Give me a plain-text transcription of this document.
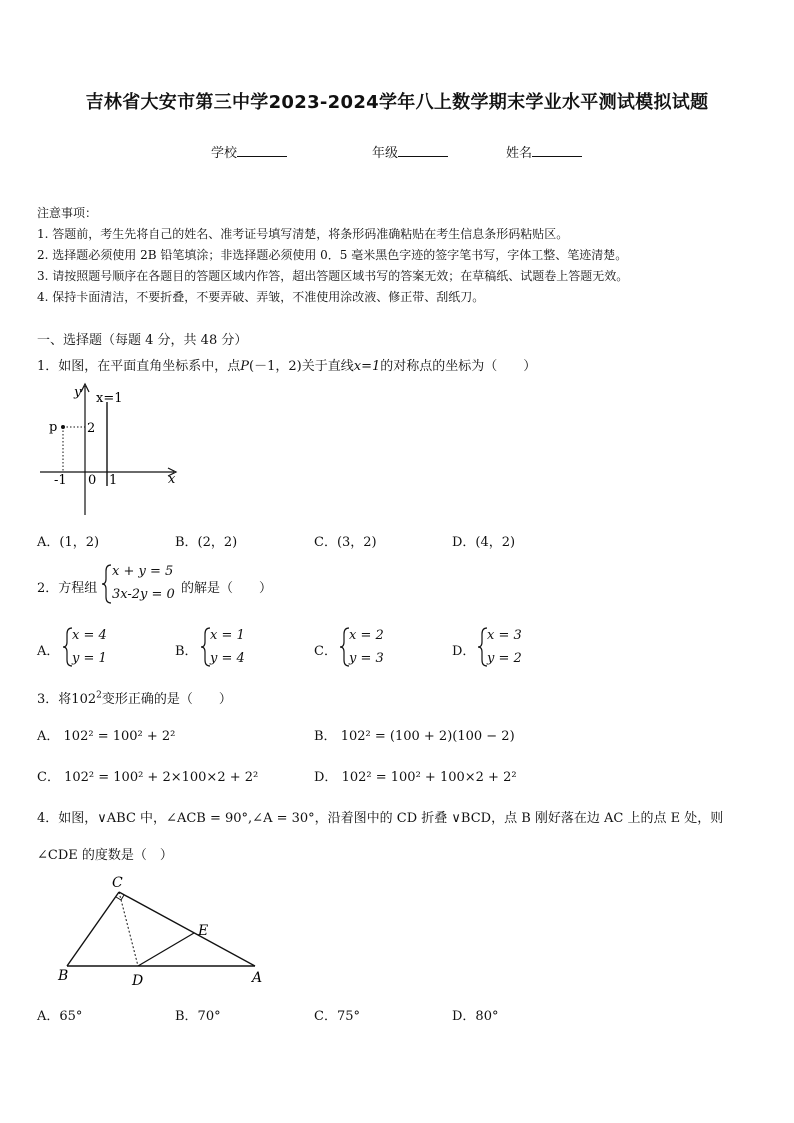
吉林省大安市第三中学2023-2024学年八上数学期末学业水平测试模拟试题
学校	年级	姓名
注意事项：
1. 答题前，考生先将自己的姓名、准考证号填写清楚，将条形码准确粘贴在考生信息条形码粘贴区。
2. 选择题必须使用 2B 铅笔填涂；非选择题必须使用 0．5 毫米黑色字迹的签字笔书写，字体工整、笔迹清楚。
3. 请按照题号顺序在各题目的答题区域内作答，超出答题区域书写的答案无效；在草稿纸、试题卷上答题无效。
4. 保持卡面清洁，不要折叠，不要弄破、弄皱，不准使用涂改液、修正带、刮纸刀。
一、选择题（每题 4 分，共 48 分）
1．如图，在平面直角坐标系中，点P(－1，2)关于直线x=1的对称点的坐标为（　　）
y
x
x=1
p 2
-1 0 1
A．(1，2)	B．(2，2)	C．(3，2)	D．(4，2)
2．方程组
x + y = 5
3x-2y = 0 的解是（　　）
A．
x = 4
y = 1	B．
x = 1
y = 4	C．
x = 2
y = 3	D．
x = 3
y = 2
3．将$102^2$变形正确的是（　　）
A． 102² = 100² + 2²	B． 102² = (100 + 2)(100 − 2)
C． 102² = 100² + 2×100×2 + 2²	D． 102² = 100² + 100×2 + 2²
4．如图，∨ABC 中，∠ACB = 90°,∠A = 30°，沿着图中的 CD 折叠 ∨BCD，点 B 刚好落在边 AC 上的点 E 处，则
∠CDE 的度数是（　）
C
E
B	D	A
A．65°	B．70°	C．75°	D．80°
